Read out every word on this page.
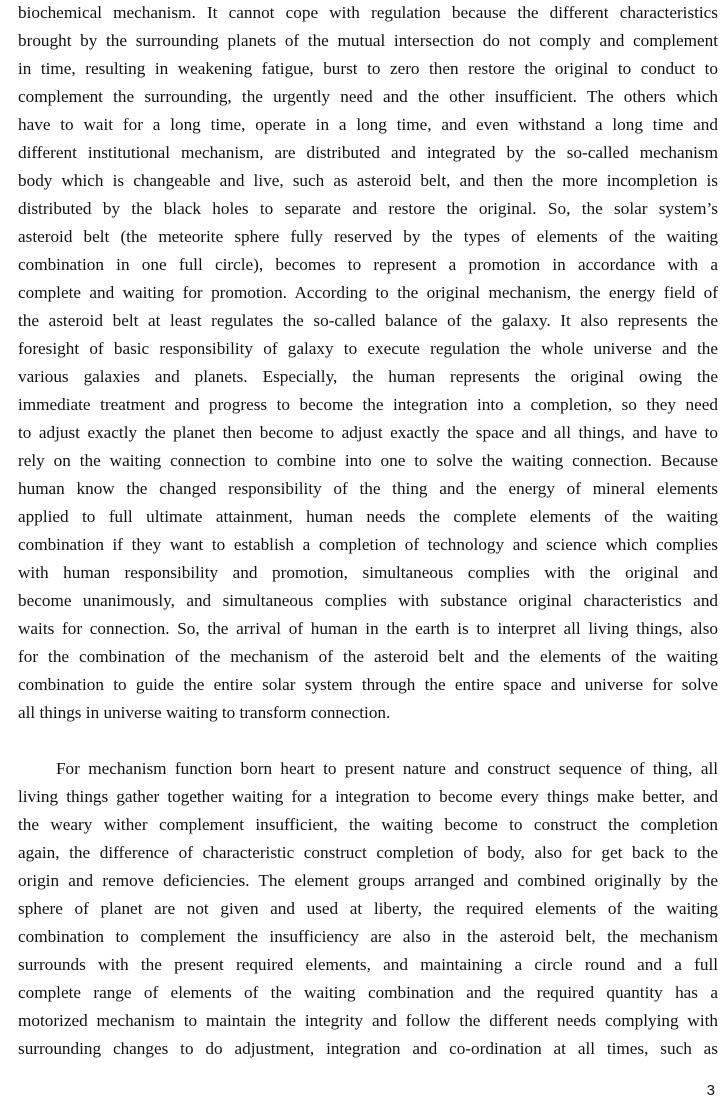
biochemical mechanism. It cannot cope with regulation because the different characteristics
brought by the surrounding planets of the mutual intersection do not comply and complement
in time, resulting in weakening fatigue, burst to zero then restore the original to conduct to
complement the surrounding, the urgently need and the other insufficient. The others which
have to wait for a long time, operate in a long time, and even withstand a long time and
different institutional mechanism, are distributed and integrated by the so-called mechanism
body which is changeable and live, such as asteroid belt, and then the more incompletion is
distributed by the black holes to separate and restore the original. So, the solar system’s
asteroid belt (the meteorite sphere fully reserved by the types of elements of the waiting
combination in one full circle), becomes to represent a promotion in accordance with a
complete and waiting for promotion. According to the original mechanism, the energy field of
the asteroid belt at least regulates the so-called balance of the galaxy. It also represents the
foresight of basic responsibility of galaxy to execute regulation the whole universe and the
various galaxies and planets. Especially, the human represents the original owing the
immediate treatment and progress to become the integration into a completion, so they need
to adjust exactly the planet then become to adjust exactly the space and all things, and have to
rely on the waiting connection to combine into one to solve the waiting connection. Because
human know the changed responsibility of the thing and the energy of mineral elements
applied to full ultimate attainment, human needs the complete elements of the waiting
combination if they want to establish a completion of technology and science which complies
with human responsibility and promotion, simultaneous complies with the original and
become unanimously, and simultaneous complies with substance original characteristics and
waits for connection. So, the arrival of human in the earth is to interpret all living things, also
for the combination of the mechanism of the asteroid belt and the elements of the waiting
combination to guide the entire solar system through the entire space and universe for solve
all things in universe waiting to transform connection.
For mechanism function born heart to present nature and construct sequence of thing, all
living things gather together waiting for a integration to become every things make better, and
the weary wither complement insufficient, the waiting become to construct the completion
again, the difference of characteristic construct completion of body, also for get back to the
origin and remove deficiencies. The element groups arranged and combined originally by the
sphere of planet are not given and used at liberty, the required elements of the waiting
combination to complement the insufficiency are also in the asteroid belt, the mechanism
surrounds with the present required elements, and maintaining a circle round and a full
complete range of elements of the waiting combination and the required quantity has a
motorized mechanism to maintain the integrity and follow the different needs complying with
surrounding changes to do adjustment, integration and co-ordination at all times, such as
3
